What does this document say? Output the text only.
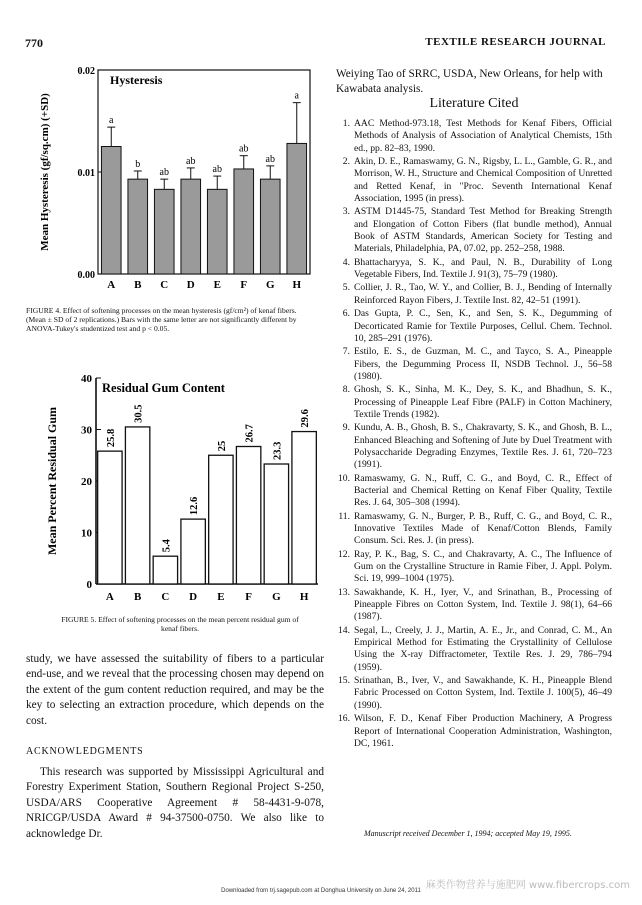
770	TEXTILE RESEARCH JOURNAL
Hysteresis
0.00
0.01
0.02
Mean Hysteresis (gf/sq.cm) (+SD)	a
A
b
B
ab
C
ab
D
ab
E
ab
F
ab
G
a
H
FIGURE 4. Effect of softening processes on the mean hysteresis (gf/cm²) of kenaf fibers. (Mean ± SD of 2 replications.) Bars with the same letter are not significantly different by ANOVA-Tukey's studentized test and p < 0.05.
Residual Gum Content
0
10
20
30
40
Mean Percent Residual Gum	25.8
A
30.5
B
5.4
C
12.6
D
25
E
26.7
F
23.3
G
29.6
H
FIGURE 5. Effect of softening processes on the mean percent residual gum of kenaf fibers.

study, we have assessed the suitability of fibers to a particular end-use, and we reveal that the processing chosen may depend on the extent of the gum content reduction required, and may be the key to selecting an extraction procedure, which depends on the cost.

ACKNOWLEDGMENTS
This research was supported by Mississippi Agricultural and Forestry Experiment Station, Southern Regional Project S-250, USDA/ARS Cooperative Agreement # 58-4431-9-078, NRICGP/USDA Award # 94-37500-0750. We also like to acknowledge Dr.
Weiying Tao of SRRC, USDA, New Orleans, for help with Kawabata analysis.
Literature Cited
1. AAC Method-973.18, Test Methods for Kenaf Fibers, Official Methods of Analysis of Association of Analytical Chemists, 15th ed., pp. 82–83, 1990.
2. Akin, D. E., Ramaswamy, G. N., Rigsby, L. L., Gamble, G. R., and Morrison, W. H., Structure and Chemical Composition of Unretted and Retted Kenaf, in "Proc. Seventh International Kenaf Association, 1995 (in press).
3. ASTM D1445-75, Standard Test Method for Breaking Strength and Elongation of Cotton Fibers (flat bundle method), Annual Book of ASTM Standards, American Society for Testing and Materials, Philadelphia, PA, 07.02, pp. 252–258, 1988.
4. Bhattacharyya, S. K., and Paul, N. B., Durability of Long Vegetable Fibers, Ind. Textile J. 91(3), 75–79 (1980).
5. Collier, J. R., Tao, W. Y., and Collier, B. J., Bending of Internally Reinforced Rayon Fibers, J. Textile Inst. 82, 42–51 (1991).
6. Das Gupta, P. C., Sen, K., and Sen, S. K., Degumming of Decorticated Ramie for Textile Purposes, Cellul. Chem. Technol. 10, 285–291 (1976).
7. Estilo, E. S., de Guzman, M. C., and Tayco, S. A., Pineapple Fibers, the Degumming Process II, NSDB Technol. J., 56–58 (1980).
8. Ghosh, S. K., Sinha, M. K., Dey, S. K., and Bhadhun, S. K., Processing of Pineapple Leaf Fibre (PALF) in Cotton Machinery, Textile Trends (1982).
9. Kundu, A. B., Ghosh, B. S., Chakravarty, S. K., and Ghosh, B. L., Enhanced Bleaching and Softening of Jute by Duel Treatment with Polysaccharide Degrading Enzymes, Textile Res. J. 61, 720–723 (1991).
10. Ramaswamy, G. N., Ruff, C. G., and Boyd, C. R., Effect of Bacterial and Chemical Retting on Kenaf Fiber Quality, Textile Res. J. 64, 305–308 (1994).
11. Ramaswamy, G. N., Burger, P. B., Ruff, C. G., and Boyd, C. R., Innovative Textiles Made of Kenaf/Cotton Blends, Family Consum. Sci. Res. J. (in press).
12. Ray, P. K., Bag, S. C., and Chakravarty, A. C., The Influence of Gum on the Crystalline Structure in Ramie Fiber, J. Appl. Polym. Sci. 19, 999–1004 (1975).
13. Sawakhande, K. H., Iyer, V., and Srinathan, B., Processing of Pineapple Fibres on Cotton System, Ind. Textile J. 98(1), 64–66 (1987).
14. Segal, L., Creely, J. J., Martin, A. E., Jr., and Conrad, C. M., An Empirical Method for Estimating the Crystallinity of Cellulose Using the X-ray Diffractometer, Textile Res. J. 29, 786–794 (1959).
15. Srinathan, B., Iver, V., and Sawakhande, K. H., Pineapple Blend Fabric Processed on Cotton System, Ind. Textile J. 100(5), 46–49 (1990).
16. Wilson, F. D., Kenaf Fiber Production Machinery, A Progress Report of International Cooperation Administration, Washington, DC, 1961.
Manuscript received December 1, 1994; accepted May 19, 1995.
Downloaded from trj.sagepub.com at Donghua University on June 24, 2011 麻类作物营养与施肥网 www.fibercrops.com
